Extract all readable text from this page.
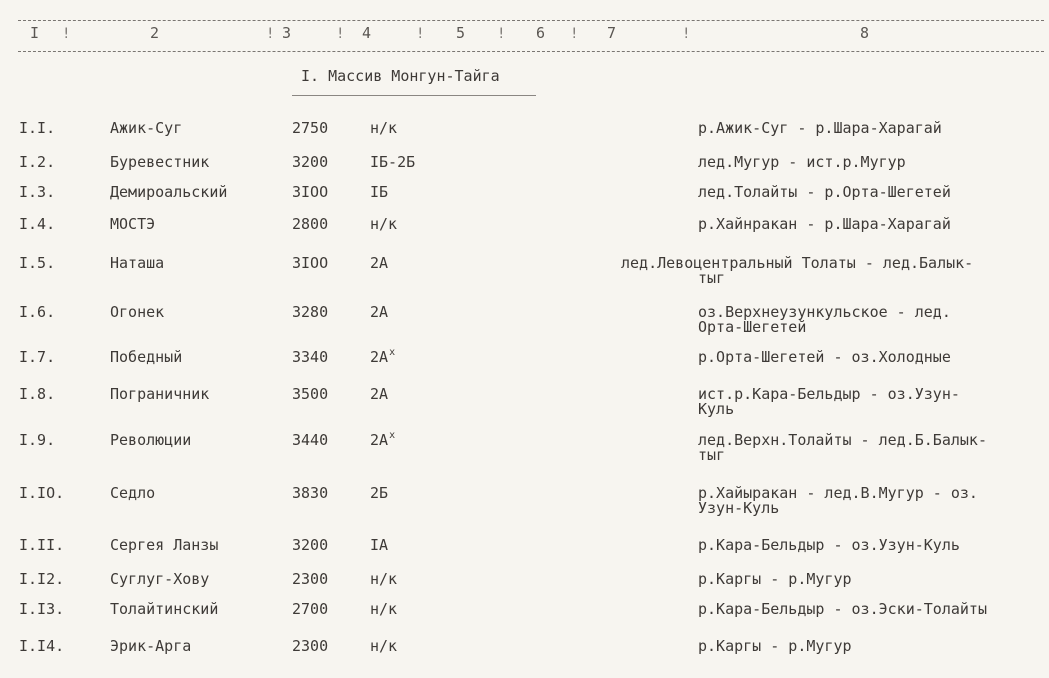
I	2	3	4	5	6	7	8
!	!	!	!	!	!	!
I. Массив Монгун-Тайга
I.I.	Ажик-Суг	2750	н/к	р.Ажик-Суг - р.Шара-Харагай
I.2.	Буревестник	3200	IБ-2Б	лед.Мугур - ист.р.Мугур
I.3.	Демироальский	3IOO	IБ	лед.Толайты - р.Орта-Шегетей
I.4.	МОСТЭ	2800	н/к	р.Хайнракан - р.Шара-Харагай
I.5.	Наташа	3IOO	2А	лед.Левоцентральный Толаты - лед.Балык-
тыг
I.6.	Огонек	3280	2А	оз.Верхнеузункульское - лед.
Орта-Шегетей
I.7.	Победный	3340	$2А^х$	р.Орта-Шегетей - оз.Холодные
I.8.	Пограничник	3500	2А	ист.р.Кара-Бельдыр - оз.Узун-
Куль
I.9.	Революции	3440	$2А^х$	лед.Верхн.Толайты - лед.Б.Балык-
тыг
I.IO.	Седло	3830	2Б	р.Хайыракан - лед.В.Мугур - оз.
Узун-Куль
I.II.	Сергея Ланзы	3200	IА	р.Кара-Бельдыр - оз.Узун-Куль
I.I2.	Суглуг-Хову	2300	н/к	р.Каргы - р.Мугур
I.I3.	Толайтинский	2700	н/к	р.Кара-Бельдыр - оз.Эски-Толайты
I.I4.	Эрик-Арга	2300	н/к	р.Каргы - р.Мугур
